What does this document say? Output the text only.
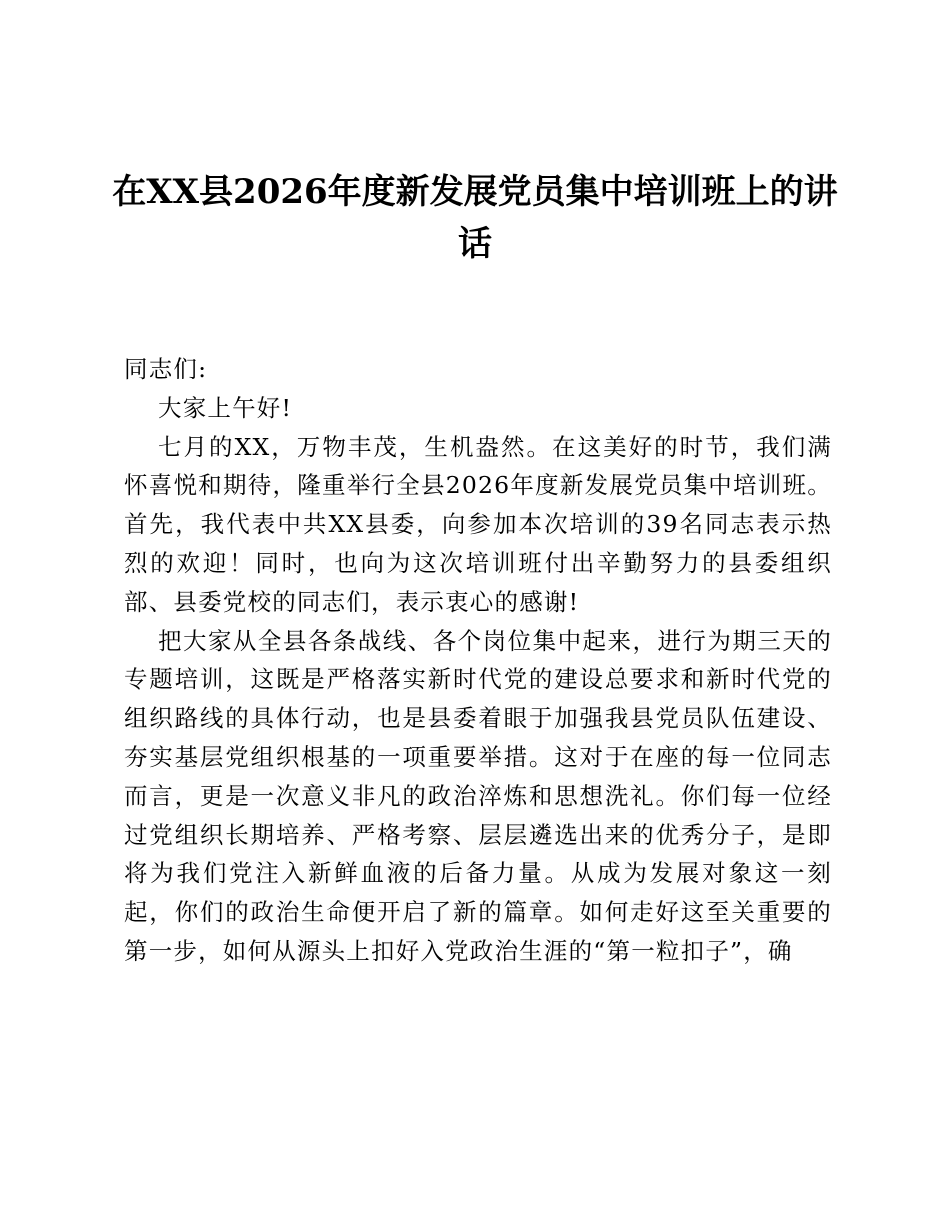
在XX县2026年度新发展党员集中培训班上的讲话

同志们:

大家上午好!

七月的XX，万物丰茂，生机盎然。在这美好的时节，我们满怀喜悦和期待，隆重举行全县2026年度新发展党员集中培训班。首先，我代表中共XX县委，向参加本次培训的39名同志表示热烈的欢迎！同时，也向为这次培训班付出辛勤努力的县委组织部、县委党校的同志们，表示衷心的感谢!

把大家从全县各条战线、各个岗位集中起来，进行为期三天的专题培训，这既是严格落实新时代党的建设总要求和新时代党的组织路线的具体行动，也是县委着眼于加强我县党员队伍建设、夯实基层党组织根基的一项重要举措。这对于在座的每一位同志而言，更是一次意义非凡的政治淬炼和思想洗礼。你们每一位经过党组织长期培养、严格考察、层层遴选出来的优秀分子，是即将为我们党注入新鲜血液的后备力量。从成为发展对象这一刻起，你们的政治生命便开启了新的篇章。如何走好这至关重要的第一步，如何从源头上扣好入党政治生涯的“第一粒扣子”，确
